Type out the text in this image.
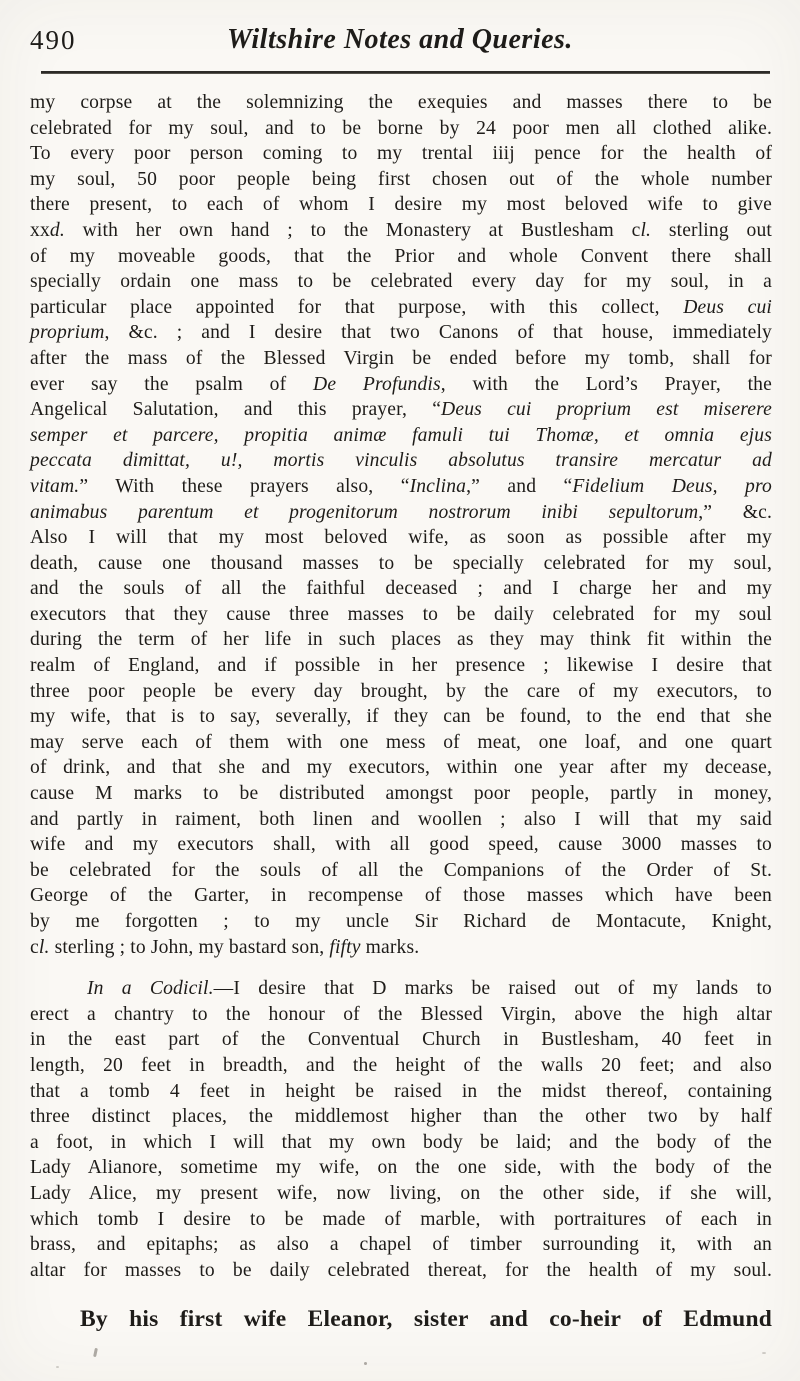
490	Wiltshire Notes and Queries.
my corpse at the solemnizing the exequies and masses there to be
celebrated for my soul, and to be borne by 24 poor men all clothed alike.
To every poor person coming to my trental iiij pence for the health of
my soul, 50 poor people being first chosen out of the whole number
there present, to each of whom I desire my most beloved wife to give
xxd. with her own hand ; to the Monastery at Bustlesham cl. sterling out
of my moveable goods, that the Prior and whole Convent there shall
specially ordain one mass to be celebrated every day for my soul, in a
particular place appointed for that purpose, with this collect, Deus cui
proprium, &c. ; and I desire that two Canons of that house, immediately
after the mass of the Blessed Virgin be ended before my tomb, shall for
ever say the psalm of De Profundis, with the Lord’s Prayer, the
Angelical Salutation, and this prayer, “Deus cui proprium est miserere
semper et parcere, propitia animæ famuli tui Thomæ, et omnia ejus
peccata dimittat, u!, mortis vinculis absolutus transire mercatur ad
vitam.” With these prayers also, “Inclina,” and “Fidelium Deus, pro
animabus parentum et progenitorum nostrorum inibi sepultorum,” &c.
Also I will that my most beloved wife, as soon as possible after my
death, cause one thousand masses to be specially celebrated for my soul,
and the souls of all the faithful deceased ; and I charge her and my
executors that they cause three masses to be daily celebrated for my soul
during the term of her life in such places as they may think fit within the
realm of England, and if possible in her presence ; likewise I desire that
three poor people be every day brought, by the care of my executors, to
my wife, that is to say, severally, if they can be found, to the end that she
may serve each of them with one mess of meat, one loaf, and one quart
of drink, and that she and my executors, within one year after my decease,
cause M marks to be distributed amongst poor people, partly in money,
and partly in raiment, both linen and woollen ; also I will that my said
wife and my executors shall, with all good speed, cause 3000 masses to
be celebrated for the souls of all the Companions of the Order of St.
George of the Garter, in recompense of those masses which have been
by me forgotten ; to my uncle Sir Richard de Montacute, Knight,
cl. sterling ; to John, my bastard son, fifty marks.
In a Codicil.—I desire that D marks be raised out of my lands to
erect a chantry to the honour of the Blessed Virgin, above the high altar
in the east part of the Conventual Church in Bustlesham, 40 feet in
length, 20 feet in breadth, and the height of the walls 20 feet; and also
that a tomb 4 feet in height be raised in the midst thereof, containing
three distinct places, the middlemost higher than the other two by half
a foot, in which I will that my own body be laid; and the body of the
Lady Alianore, sometime my wife, on the one side, with the body of the
Lady Alice, my present wife, now living, on the other side, if she will,
which tomb I desire to be made of marble, with portraitures of each in
brass, and epitaphs; as also a chapel of timber surrounding it, with an
altar for masses to be daily celebrated thereat, for the health of my soul.
By his first wife Eleanor, sister and co-heir of Edmund
